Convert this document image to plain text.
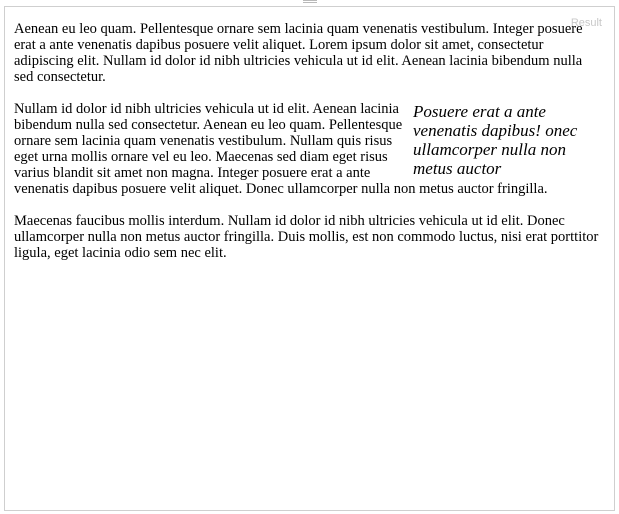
Result

Aenean eu leo quam. Pellentesque ornare sem lacinia quam venenatis vestibulum. Integer posuere erat a ante venenatis dapibus posuere velit aliquet. Lorem ipsum dolor sit amet, consectetur adipiscing elit. Nullam id dolor id nibh ultricies vehicula ut id elit. Aenean lacinia bibendum nulla sed consectetur.

Posuere erat a ante venenatis dapibus! onec ullamcorper nulla non metus auctor
Nullam id dolor id nibh ultricies vehicula ut id elit. Aenean lacinia bibendum nulla sed consectetur. Aenean eu leo quam. Pellentesque ornare sem lacinia quam venenatis vestibulum. Nullam quis risus eget urna mollis ornare vel eu leo. Maecenas sed diam eget risus varius blandit sit amet non magna. Integer posuere erat a ante venenatis dapibus posuere velit aliquet. Donec ullamcorper nulla non metus auctor fringilla.

Maecenas faucibus mollis interdum. Nullam id dolor id nibh ultricies vehicula ut id elit. Donec ullamcorper nulla non metus auctor fringilla. Duis mollis, est non commodo luctus, nisi erat porttitor ligula, eget lacinia odio sem nec elit.
